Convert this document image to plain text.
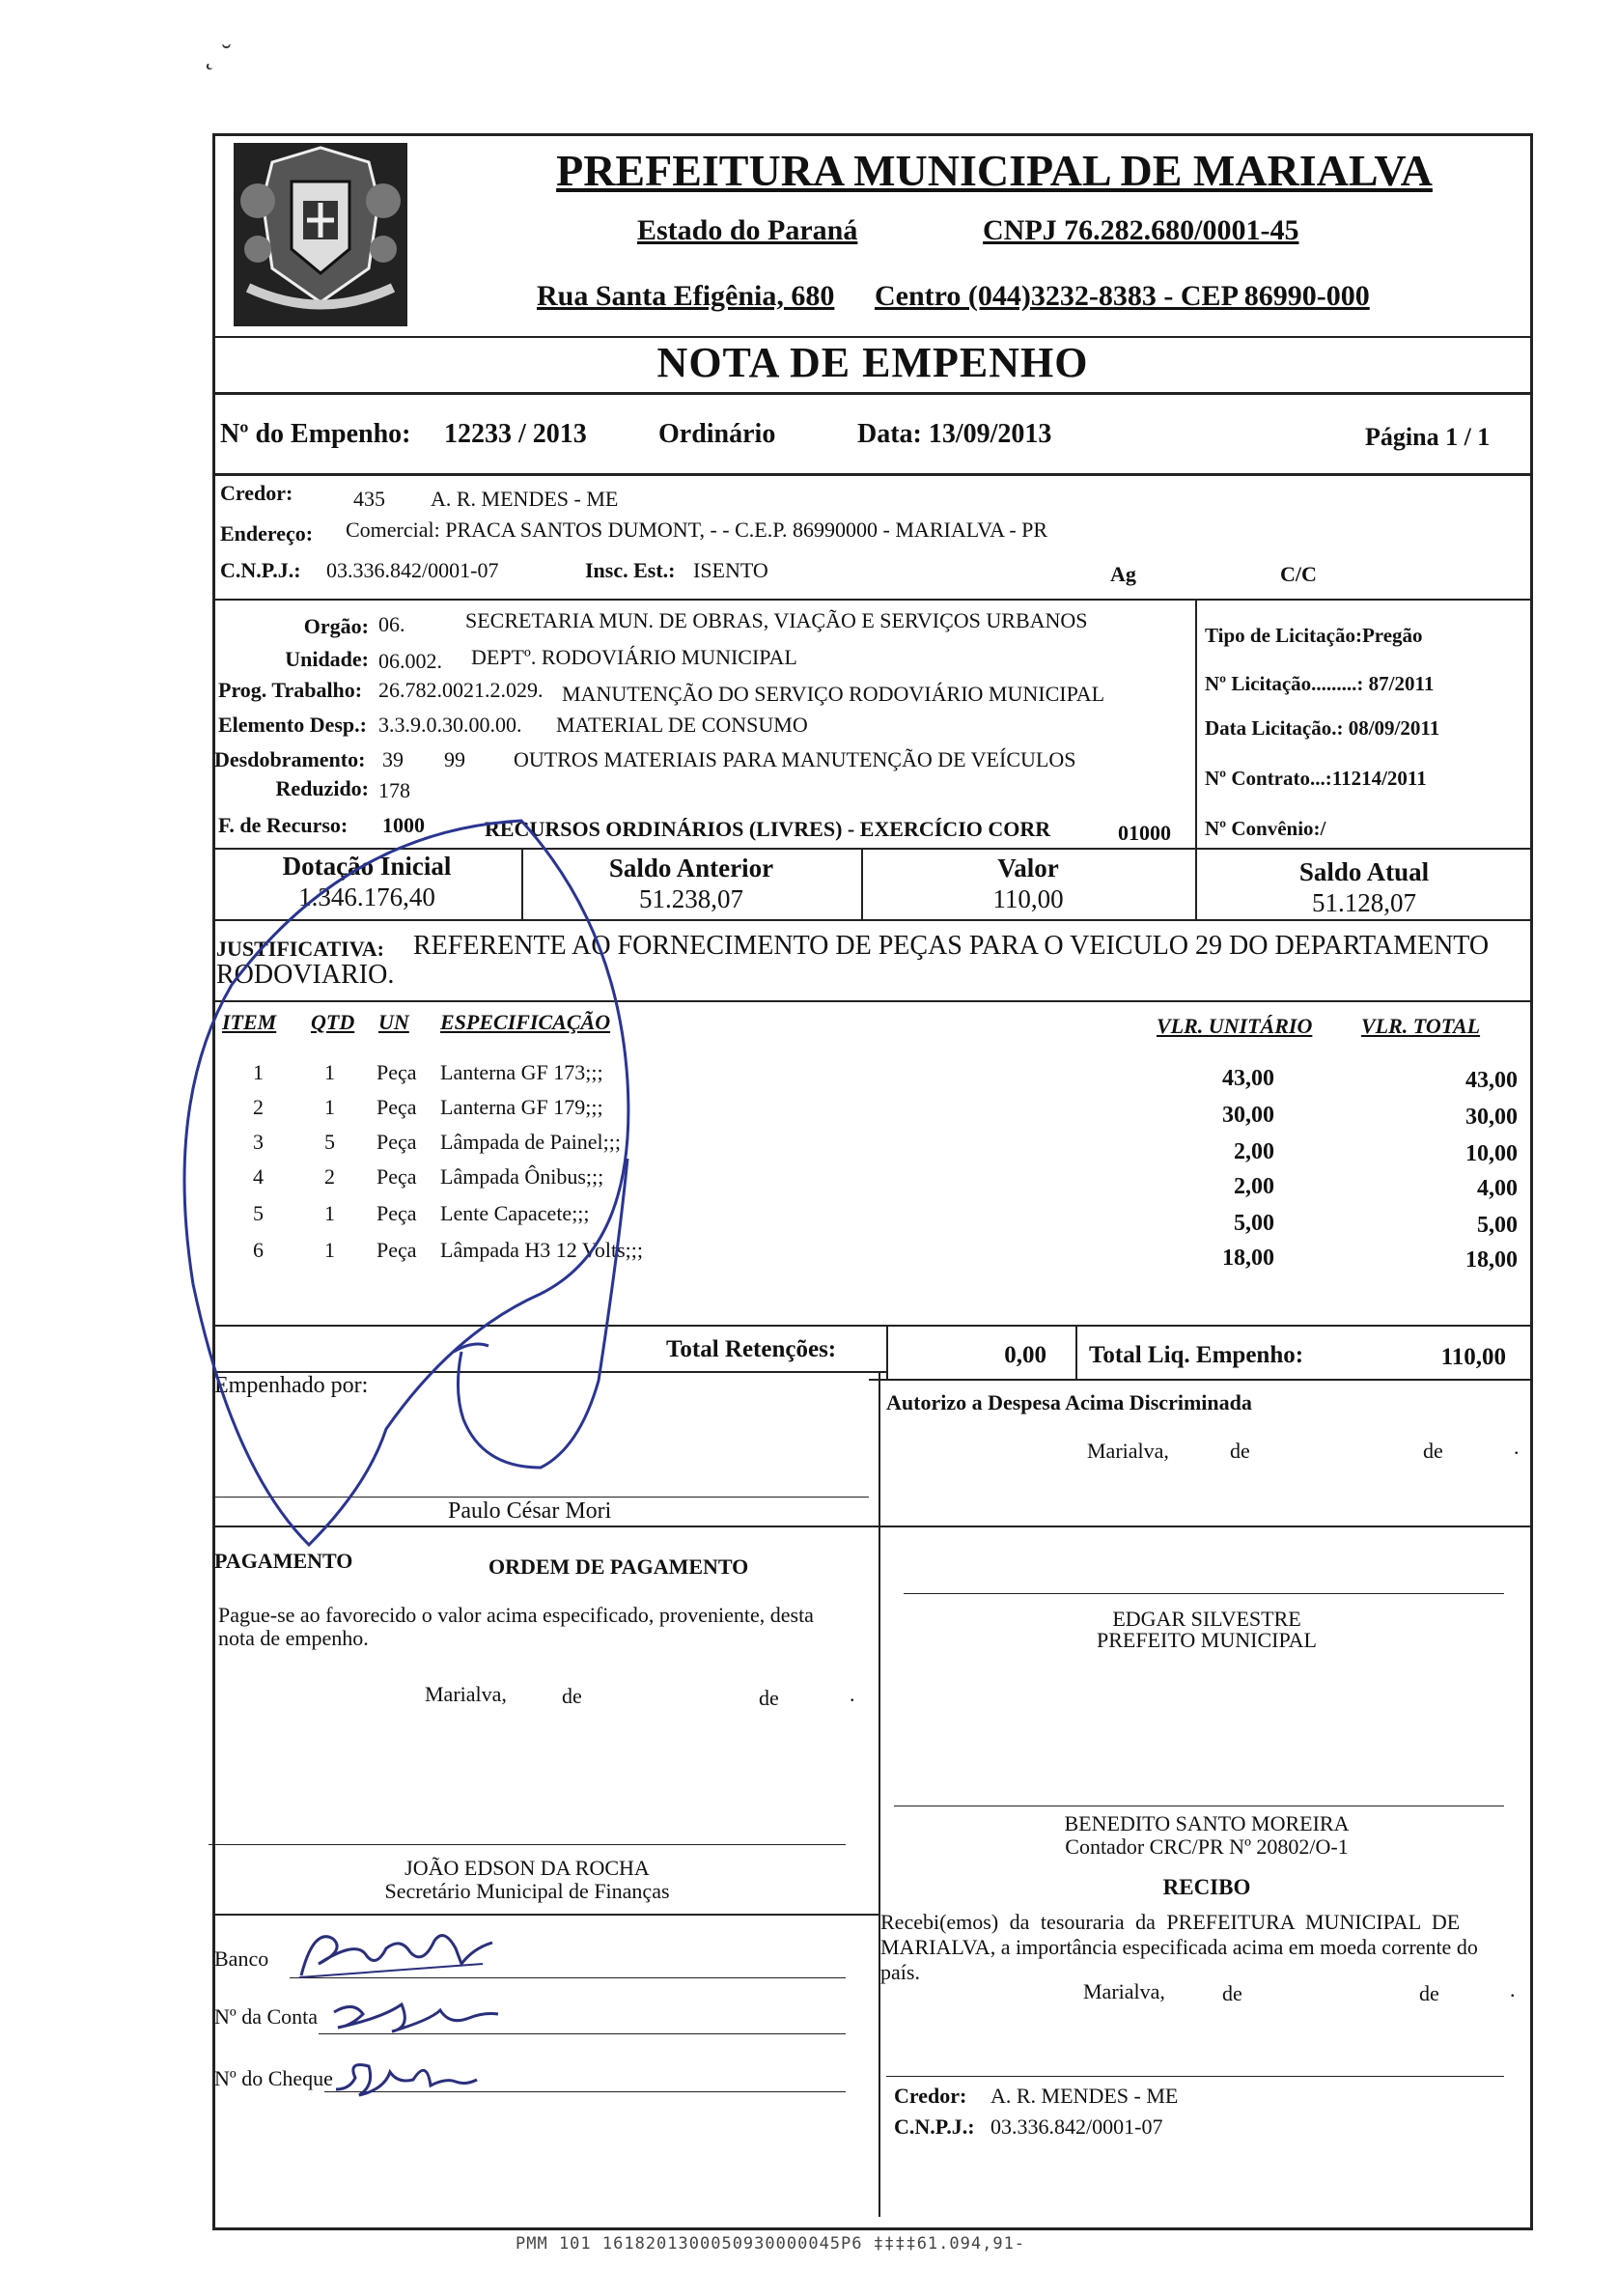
˛ ˘
PREFEITURA MUNICIPAL DE MARIALVA
Estado do Paraná	CNPJ 76.282.680/0001-45
Rua Santa Efigênia, 680 Centro (044)3232-8383 - CEP 86990-000
NOTA DE EMPENHO
Nº do Empenho: 12233 / 2013	Ordinário	Data: 13/09/2013	Página 1 / 1
Credor:	435 A. R. MENDES - ME
Endereço: Comercial: PRACA SANTOS DUMONT, - - C.E.P. 86990000 - MARIALVA - PR
C.N.P.J.: 03.336.842/0001-07	Insc. Est.: ISENTO	Ag	C/C
Orgão: 06.	SECRETARIA MUN. DE OBRAS, VIAÇÃO E SERVIÇOS URBANOS
Unidade: 06.002. DEPTº. RODOVIÁRIO MUNICIPAL
Prog. Trabalho: 26.782.0021.2.029. MANUTENÇÃO DO SERVIÇO RODOVIÁRIO MUNICIPAL
Elemento Desp.: 3.3.9.0.30.00.00. MATERIAL DE CONSUMO
Desdobramento: 39 99 OUTROS MATERIAIS PARA MANUTENÇÃO DE VEÍCULOS
Reduzido: 178
F. de Recurso: 1000	RECURSOS ORDINÁRIOS (LIVRES) - EXERCÍCIO CORR	01000
Tipo de Licitação:Pregão
Nº Licitação.........: 87/2011
Data Licitação.: 08/09/2011
Nº Contrato...:11214/2011
Nº Convênio:/
Dotação Inicial
1.346.176,40
Saldo Anterior
51.238,07
Valor
110,00
Saldo Atual
51.128,07
JUSTIFICATIVA: REFERENTE AO FORNECIMENTO DE PEÇAS PARA O VEICULO 29 DO DEPARTAMENTO
RODOVIARIO.
ITEM QTD UN ESPECIFICAÇÃO	VLR. UNITÁRIO VLR. TOTAL
1	1 Peça Lanterna GF 173;;;	43,00	43,00
2	1 Peça Lanterna GF 179;;;	30,00	30,00
3	5 Peça Lâmpada de Painel;;;	2,00	10,00
4	2 Peça Lâmpada Ônibus;;;	2,00	4,00
5	1 Peça Lente Capacete;;;	5,00	5,00
6	1 Peça Lâmpada H3 12 Volts;;;	18,00	18,00
Total Retenções:	0,00 Total Liq. Empenho:	110,00
Empenhado por:
Paulo César Mori
Autorizo a Despesa Acima Discriminada
Marialva,	de	de	.
PAGAMENTO	ORDEM DE PAGAMENTO
Pague-se ao favorecido o valor acima especificado, proveniente, desta
nota de empenho.
Marialva,	de	de	.
EDGAR SILVESTRE
PREFEITO MUNICIPAL
BENEDITO SANTO MOREIRA
Contador CRC/PR Nº 20802/O-1
JOÃO EDSON DA ROCHA
Secretário Municipal de Finanças	RECIBO
Recebi(emos) da tesouraria da PREFEITURA MUNICIPAL DE
MARIALVA, a importância especificada acima em moeda corrente do
país.
Marialva,	de	de	.
Credor: A. R. MENDES - ME
C.N.P.J.: 03.336.842/0001-07
Banco
Nº da Conta
Nº do Cheque
PMM 101 1618201300050930000045P6 ‡‡‡‡61.094,91-
